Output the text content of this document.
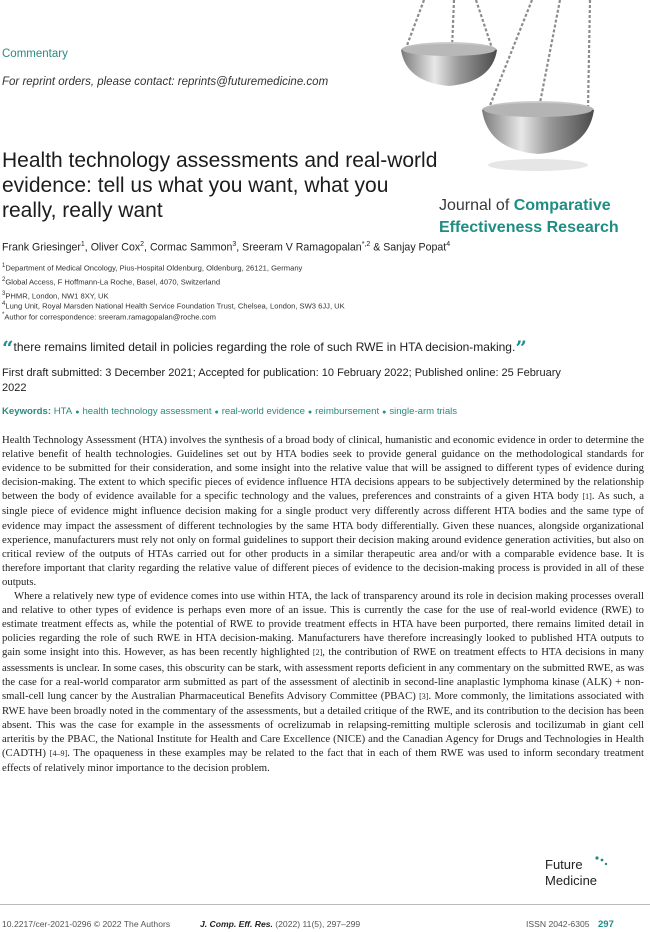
Commentary
For reprint orders, please contact: reprints@futuremedicine.com
Health technology assessments and real-world evidence: tell us what you want, what you really, really want	Journal of Comparative
Effectiveness Research
Frank Griesinger$^1$, Oliver Cox$^2$, Cormac Sammon$^3$, Sreeram V Ramagopalan$^{*,2}$ & Sanjay Popat$^4$
$^1$Department of Medical Oncology, Pius-Hospital Oldenburg, Oldenburg, 26121, Germany
$^2$Global Access, F Hoffmann-La Roche, Basel, 4070, Switzerland
$^3$PHMR, London, NW1 8XY, UK
$^4$Lung Unit, Royal Marsden National Health Service Foundation Trust, Chelsea, London, SW3 6JJ, UK
*Author for correspondence: sreeram.ramagopalan@roche.com
“there remains limited detail in policies regarding the role of such RWE in HTA decision-making.”
First draft submitted: 3 December 2021; Accepted for publication: 10 February 2022; Published online: 25 February 2022
Keywords: HTA ● health technology assessment ● real-world evidence ● reimbursement ● single-arm trials

Health Technology Assessment (HTA) involves the synthesis of a broad body of clinical, humanistic and economic evidence in order to determine the relative benefit of health technologies. Guidelines set out by HTA bodies seek to provide general guidance on the methodological standards for evidence to be submitted for their consideration, and some insight into the relative value that will be assigned to different types of evidence during decision-making. The extent to which specific pieces of evidence influence HTA decisions appears to be subjectively determined by the relationship between the body of evidence available for a specific technology and the values, preferences and constraints of a given HTA body [1]. As such, a single piece of evidence might influence decision making for a single product very differently across different HTA bodies and the same type of evidence may impact the assessment of different technologies by the same HTA body differentially. Given these nuances, alongside organizational experience, manufacturers must rely not only on formal guidelines to support their decision making around evidence generation activities, but also on critical review of the outputs of HTAs carried out for other products in a similar therapeutic area and/or with a comparable evidence base. It is therefore important that clarity regarding the relative value of different pieces of evidence to the decision-making process is provided in all of these outputs.

Where a relatively new type of evidence comes into use within HTA, the lack of transparency around its role in decision making processes overall and relative to other types of evidence is perhaps even more of an issue. This is currently the case for the use of real-world evidence (RWE) to estimate treatment effects as, while the potential of RWE to provide treatment effects in HTA have been purported, there remains limited detail in policies regarding the role of such RWE in HTA decision-making. Manufacturers have therefore increasingly looked to published HTA outputs to gain some insight into this. However, as has been recently highlighted [2], the contribution of RWE on treatment effects to HTA decisions in many assessments is unclear. In some cases, this obscurity can be stark, with assessment reports deficient in any commentary on the submitted RWE, as was the case for a real-world comparator arm submitted as part of the assessment of alectinib in second-line anaplastic lymphoma kinase (ALK) + non-small-cell lung cancer by the Australian Pharmaceutical Benefits Advisory Committee (PBAC) [3]. More commonly, the limitations associated with RWE have been broadly noted in the commentary of the assessments, but a detailed critique of the RWE, and its contribution to the decision has been absent. This was the case for example in the assessments of ocrelizumab in relapsing-remitting multiple sclerosis and tocilizumab in giant cell arteritis by the PBAC, the National Institute for Health and Care Excellence (NICE) and the Canadian Agency for Drugs and Technologies in Health (CADTH) [4–9]. The opaqueness in these examples may be related to the fact that in each of them RWE was used to inform secondary treatment effects of relatively minor importance to the decision problem.

Future
Medicine
10.2217/cer-2021-0296 © 2022 The Authors	J. Comp. Eff. Res. (2022) 11(5), 297–299	ISSN 2042-6305 297
